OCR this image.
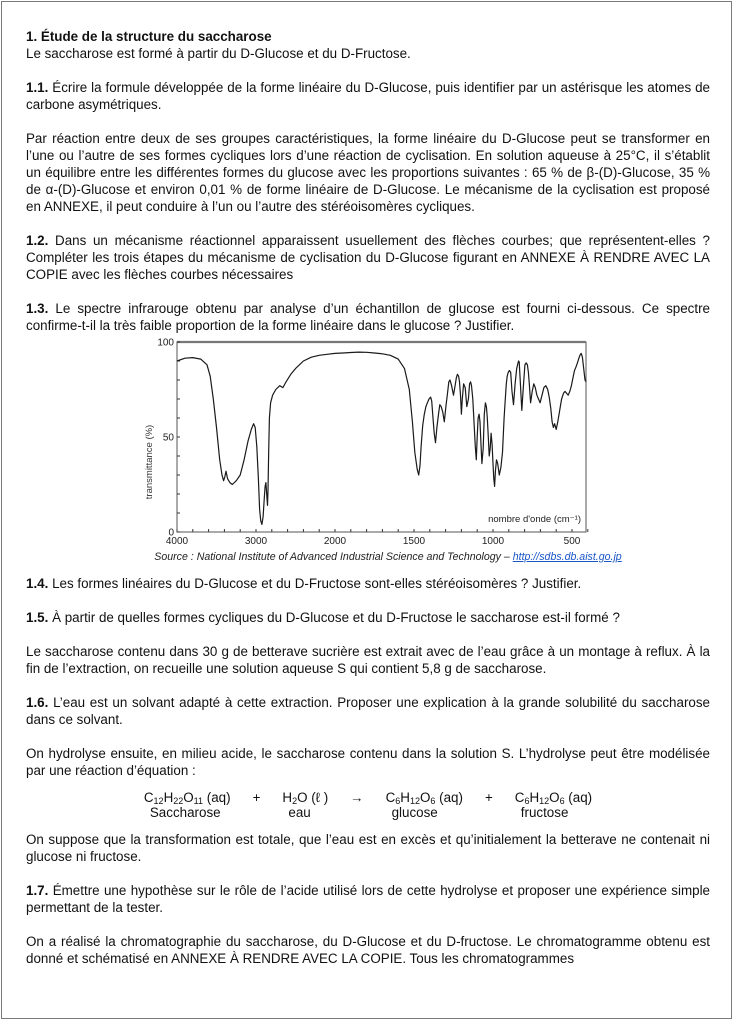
1. Étude de la structure du saccharose

Le saccharose est formé à partir du D-Glucose et du D-Fructose.

1.1. Écrire la formule développée de la forme linéaire du D-Glucose, puis identifier par un astérisque les atomes de carbone asymétriques.

Par réaction entre deux de ses groupes caractéristiques, la forme linéaire du D-Glucose peut se transformer en l’une ou l’autre de ses formes cycliques lors d’une réaction de cyclisation. En solution aqueuse à 25°C, il s’établit un équilibre entre les différentes formes du glucose avec les proportions suivantes : 65 % de β-(D)-Glucose, 35 % de α-(D)-Glucose et environ 0,01 % de forme linéaire de D-Glucose. Le mécanisme de la cyclisation est proposé en ANNEXE, il peut conduire à l’un ou l’autre des stéréoisomères cycliques.

1.2. Dans un mécanisme réactionnel apparaissent usuellement des flèches courbes; que représentent-elles ? Compléter les trois étapes du mécanisme de cyclisation du D-Glucose figurant en ANNEXE À RENDRE AVEC LA COPIE avec les flèches courbes nécessaires

1.3. Le spectre infrarouge obtenu par analyse d’un échantillon de glucose est fourni ci-dessous. Ce spectre confirme-t-il la très faible proportion de la forme linéaire dans le glucose ? Justifier.

0
50
100
4000	3000	2000	1500	1000	500
transmittance (%)
nombre d'onde (cm⁻¹)

Source : National Institute of Advanced Industrial Science and Technology – http://sdbs.db.aist.go.jp

1.4. Les formes linéaires du D-Glucose et du D-Fructose sont-elles stéréoisomères ? Justifier.

1.5. À partir de quelles formes cycliques du D-Glucose et du D-Fructose le saccharose est-il formé ?

Le saccharose contenu dans 30 g de betterave sucrière est extrait avec de l’eau grâce à un montage à reflux. À la fin de l’extraction, on recueille une solution aqueuse S qui contient 5,8 g de saccharose.

1.6. L’eau est un solvant adapté à cette extraction. Proposer une explication à la grande solubilité du saccharose dans ce solvant.

On hydrolyse ensuite, en milieu acide, le saccharose contenu dans la solution S. L’hydrolyse peut être modélisée par une réaction d’équation :

$C_{12}H_{22}O_{11}$ (aq)
Saccharose
+	$H_2O$ (ℓ )
eau
→	$C_6H_{12}O_6$ (aq)
glucose
+	$C_6H_{12}O_6$ (aq)
fructose

On suppose que la transformation est totale, que l’eau est en excès et qu’initialement la betterave ne contenait ni glucose ni fructose.

1.7. Émettre une hypothèse sur le rôle de l’acide utilisé lors de cette hydrolyse et proposer une expérience simple permettant de la tester.

On a réalisé la chromatographie du saccharose, du D-Glucose et du D-fructose. Le chromatogramme obtenu est donné et schématisé en ANNEXE À RENDRE AVEC LA COPIE. Tous les chromatogrammes
